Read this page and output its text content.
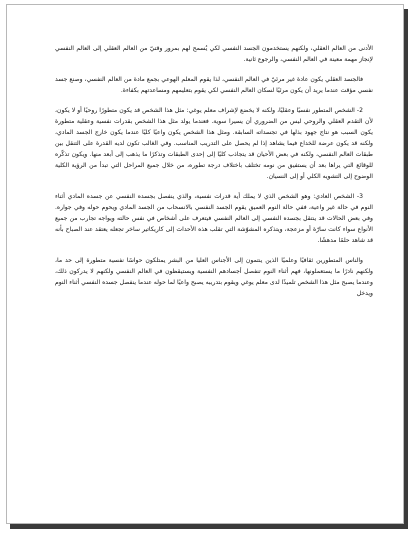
الأدنى من العالم العقلي، ولكنهم يستخدمون الجسد النفسي لكي يُسمح لهم بمرور وقتيّ من العالم العقلي إلى العالم النفسي لإنجاز مهمة معينة في العالم النفسي، والرجوع ثانية.

فالجسد العقلي يكون عادة غير مرئيّ في العالم النفسي، لذا يقوم المعلم الهوعي بجمع مادة من العالم النفسي، وصنع جسد نفسي مؤقت عندما يريد أن يكون مرئيًا لسكان العالم النفسي لكي يقوم بتعليمهم ومساعدتهم بكفاءة.

2- الشخص المتطور نفسيًا وعقليًا، ولكنه لا يخضع لإشراف معلم يوغي: مثل هذا الشخص قد يكون متطورًا روحيًا أو لا يكون، لأن التقدم العقلي والروحي ليس من الضروري أن يسيرا سوية. فعندما يولد مثل هذا الشخص بقدرات نفسية وعقلية متطورة يكون السبب هو نتاج جهود بذلها في تجسداته السابقة. ومثل هذا الشخص يكون واعيًا كليًا عندما يكون خارج الجسد المادي، ولكنه قد يكون عرضة للخداع فيما يشاهد إذا لم يحصل على التدريب المناسب. وفي الغالب تكون لديه القدرة على التنقل بين طبقات العالم النفسي، ولكنه في بعض الأحيان قد يتجاذب كليًا إلى إحدى الطبقات وتذكرًا ما يذهب إلى أبعد منها. ويكون تذكّره للوقائع التي يراها بعد أن يستفيق من نومه تختلف باختلاف درجة تطوره، من خلال جميع المراحل التي تبدأ من الرؤية الكلية الوضوح إلى التشويه الكلي أو إلى النسيان.

3- الشخص العادي: وهو الشخص الذي لا يملك أية قدرات نفسية، والذي ينفصل بجسده النفسي عن جسده المادي أثناء النوم في حالة غير واعية، ففي حالة النوم العميق يقوم الجسد النفسي بالانسحاب من الجسد المادي ويحوم حوله وفي جواره. وفي بعض الحالات قد ينتقل بجسده النفسي إلى العالم النفسي فيتعرف على أشخاص في نفس حالته ويواجه تجارب من جميع الأنواع سواء كانت سارّة أو مزعجة، ويتذكره المشوّشة التي تقلب هذه الأحداث إلى كاريكاتير ساخر تجعله يعتقد عند الصباح بأنه قد شاهد حلمًا مدهشًا.

والناس المتطورين ثقافيًا وعلميًا الذين ينتمون إلى الأجناس العليا من البشر يمتلكون حواسًا نفسية متطورة إلى حد ما، ولكنهم نادرًا ما يستعملونها، فهم أثناء النوم تنفصل أجسادهم النفسية ويستيقظون في العالم النفسي ولكنهم لا يدركون ذلك، وعندما يصبح مثل هذا الشخص تلميذًا لدى معلم يوغي ويقوم بتدريبه يصبح واعيًا لما حوله عندما ينفصل جسده النفسي أثناء النوم ويدخل
